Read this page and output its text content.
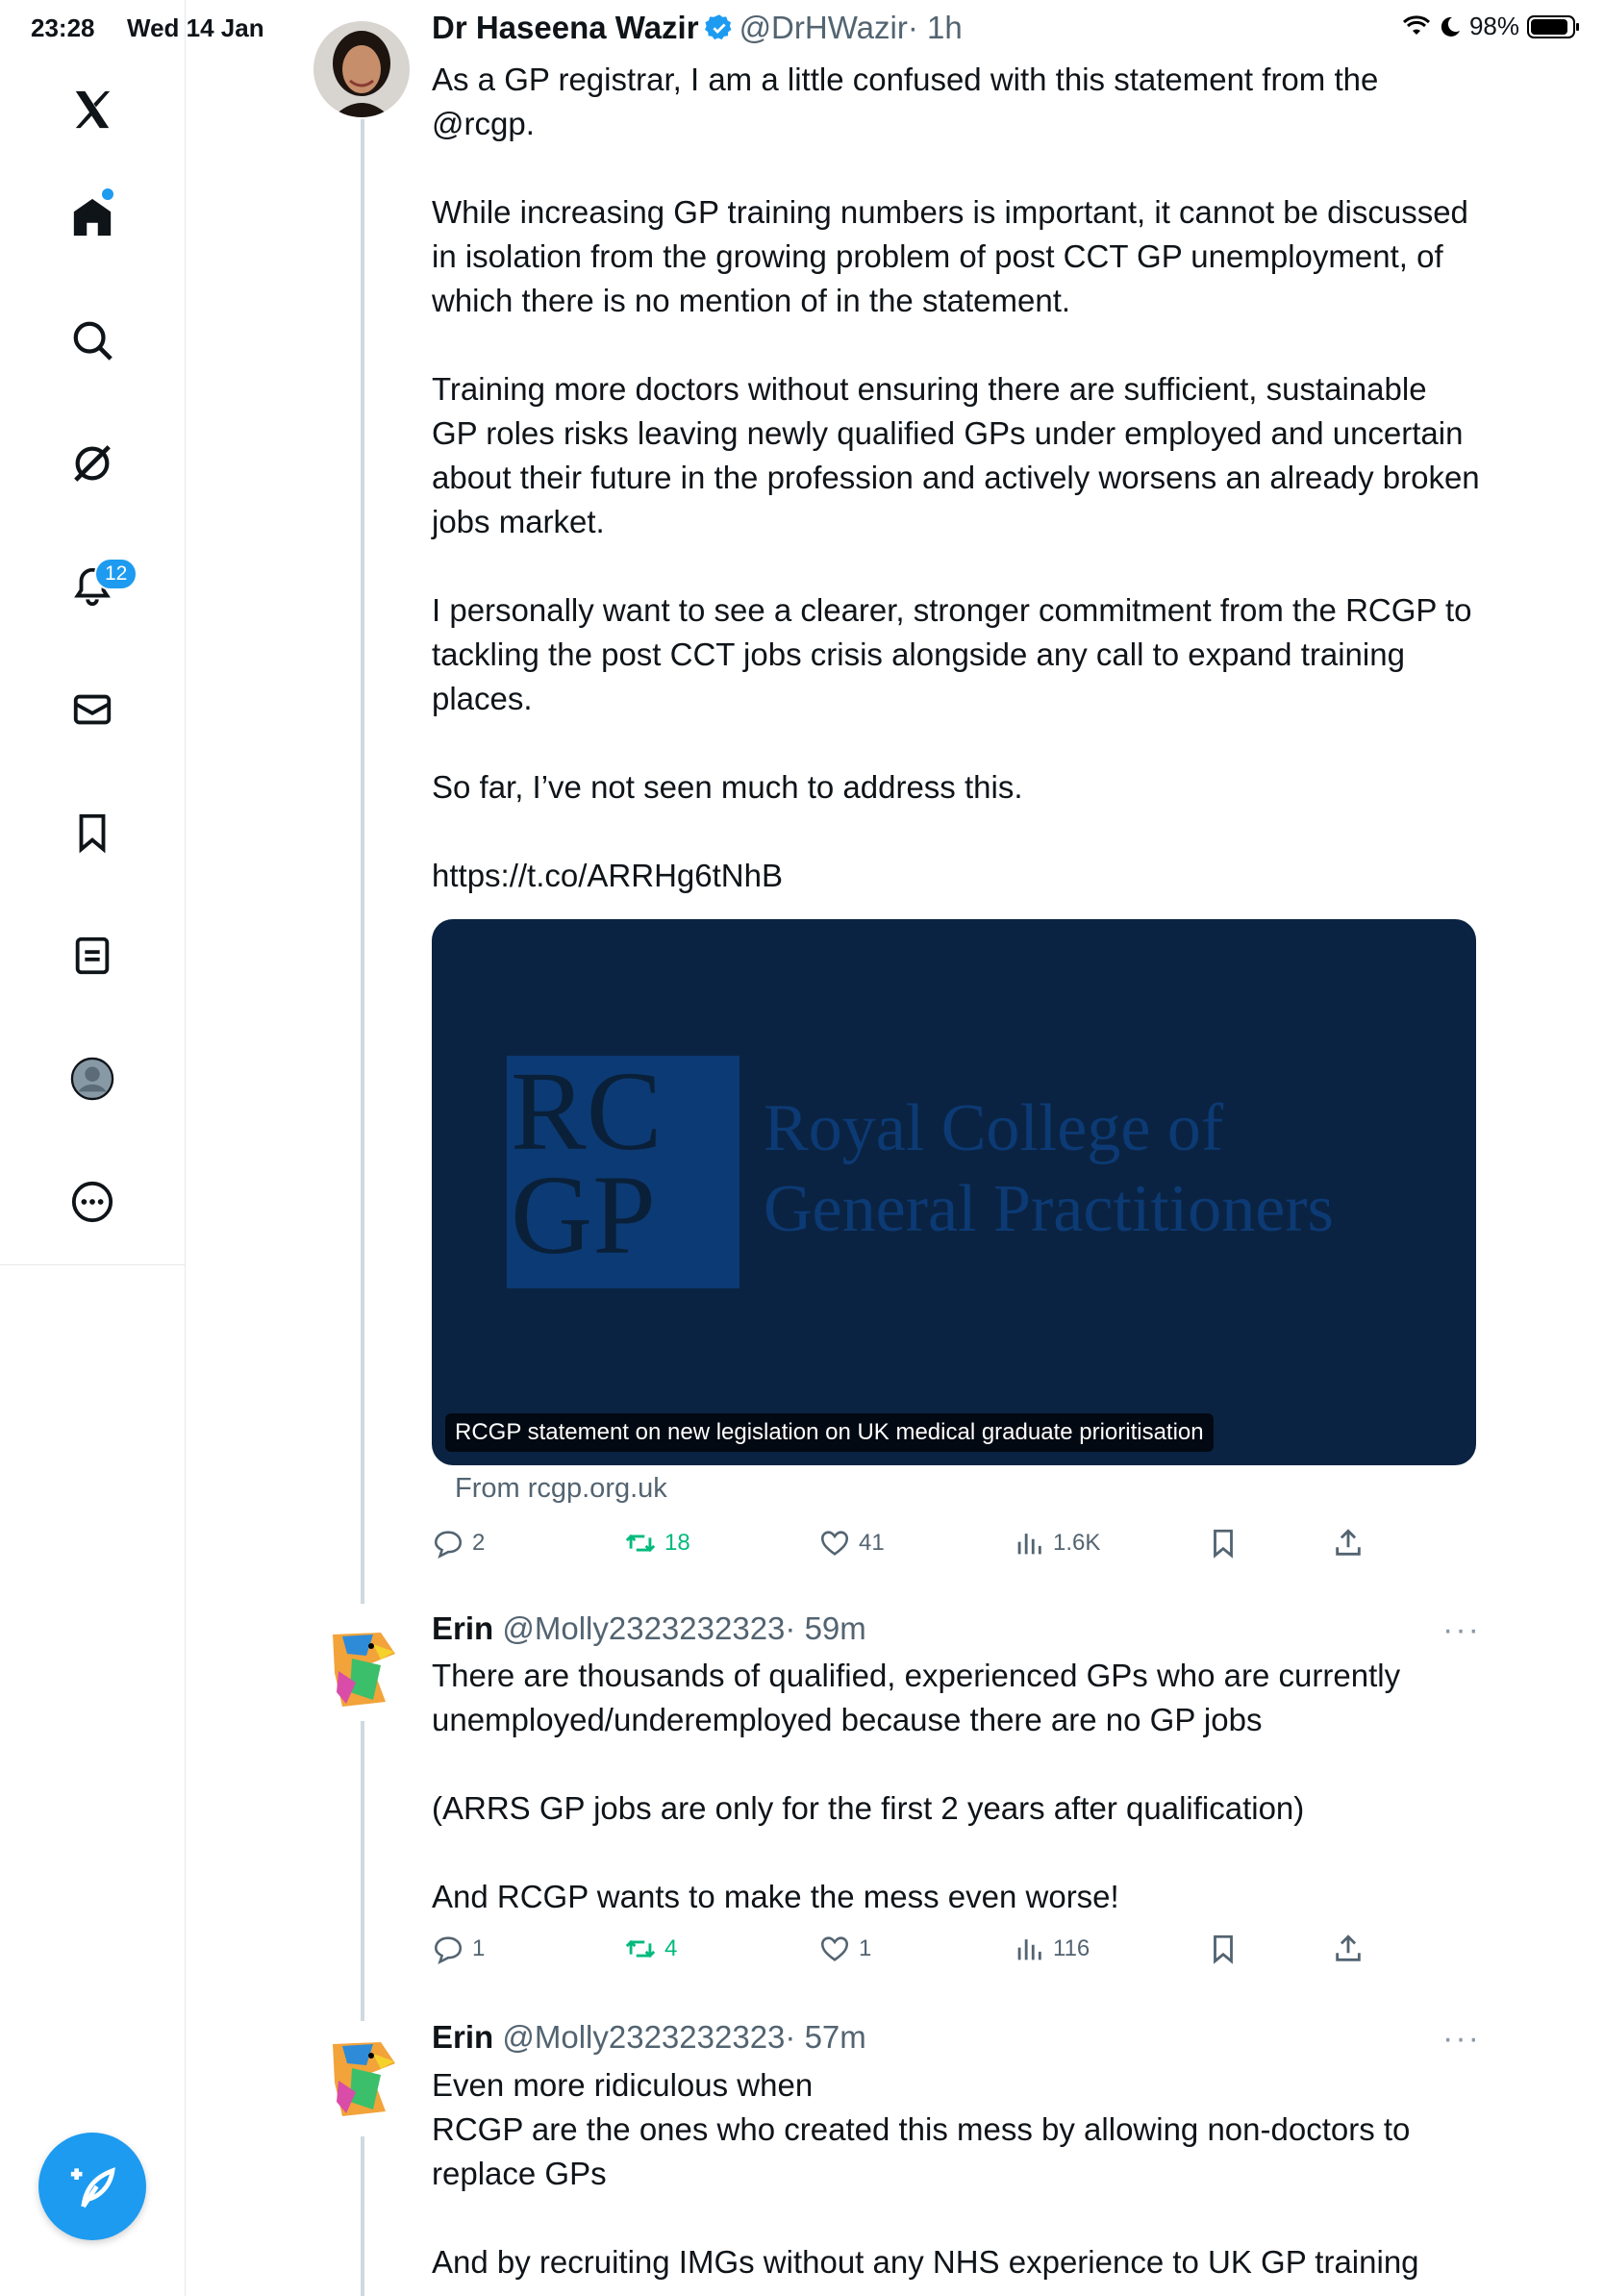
23:28 Wed 14 Jan	98%
12
Dr Haseena Wazir @DrHWazir· 1h

As a GP registrar, I am a little confused with this statement from the @rcgp.

While increasing GP training numbers is important, it cannot be discussed in isolation from the growing problem of post CCT GP unemployment, of which there is no mention of in the statement.

Training more doctors without ensuring there are sufficient, sustainable GP roles risks leaving newly qualified GPs under employed and uncertain about their future in the profession and actively worsens an already broken jobs market.

I personally want to see a clearer, stronger commitment from the RCGP to tackling the post CCT jobs crisis alongside any call to expand training places.

So far, I’ve not seen much to address this.

https://t.co/ARRHg6tNhB

RC
GP
Royal College of
General Practitioners
RCGP statement on new legislation on UK medical graduate prioritisation
From rcgp.org.uk
2	18	41	1.6K
Erin @Molly2323232323· 59m	···

There are thousands of qualified, experienced GPs who are currently unemployed/underemployed because there are no GP jobs

(ARRS GP jobs are only for the first 2 years after qualification)

And RCGP wants to make the mess even worse!

1	4	1	116
Erin @Molly2323232323· 57m	···

Even more ridiculous when

RCGP are the ones who created this mess by allowing non-doctors to replace GPs

And by recruiting IMGs without any NHS experience to UK GP training
